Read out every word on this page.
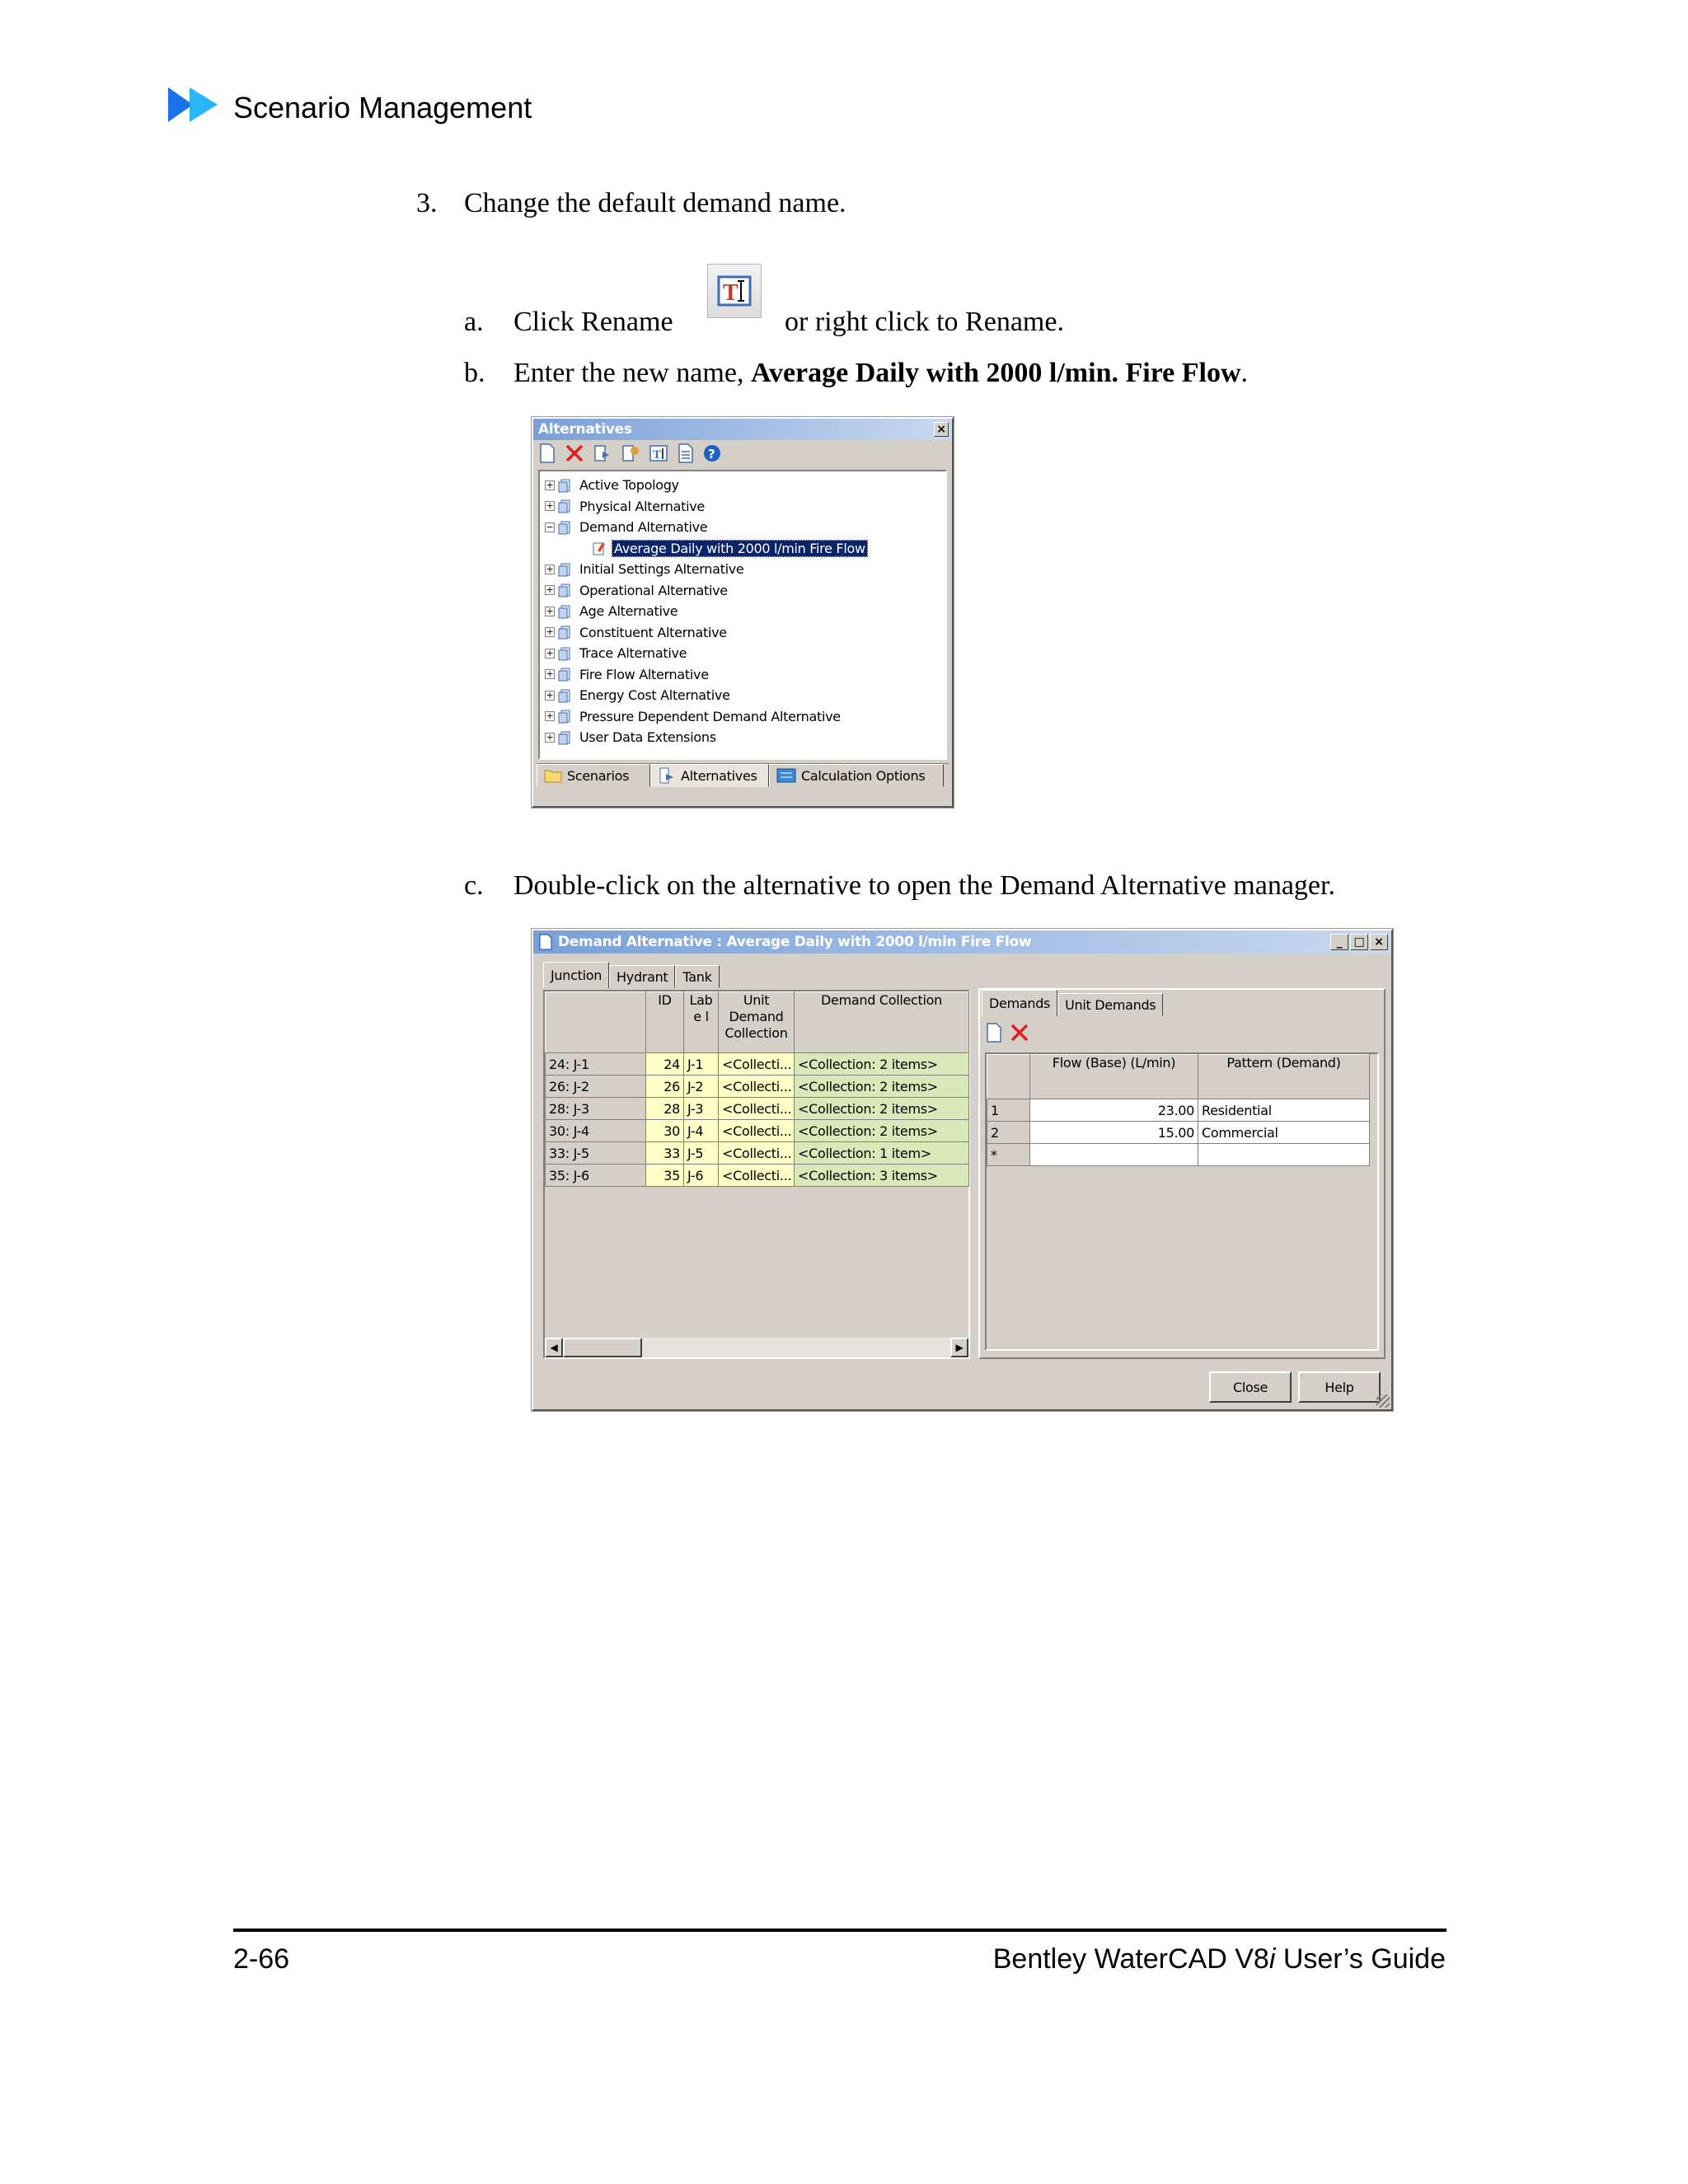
Scenario Management
3. Change the default demand name.
a. Click Rename
T
or right click to Rename.
b. Enter the new name, Average Daily with 2000 l/min. Fire Flow.
Alternatives	×
T	?
+ Active Topology
+ Physical Alternative
− Demand Alternative
Average Daily with 2000 l/min Fire Flow
+ Initial Settings Alternative
+ Operational Alternative
+ Age Alternative
+ Constituent Alternative
+ Trace Alternative
+ Fire Flow Alternative
+ Energy Cost Alternative
+ Pressure Dependent Demand Alternative
+ User Data Extensions
Scenarios	Alternatives	Calculation Options
c. Double-click on the alternative to open the Demand Alternative manager.
Demand Alternative : Average Daily with 2000 l/min Fire Flow	_	□ ×
Junction	Hydrant	Tank
	ID	Labe l	Unit Demand Collection	Demand Collection
24: J-1	24	J-1	<Collecti...	<Collection: 2 items>
26: J-2	26	J-2	<Collecti...	<Collection: 2 items>
28: J-3	28	J-3	<Collecti...	<Collection: 2 items>
30: J-4	30	J-4	<Collecti...	<Collection: 2 items>
33: J-5	33	J-5	<Collecti...	<Collection: 1 item>
35: J-6	35	J-6	<Collecti...	<Collection: 3 items>
◀	▶
Demands	Unit Demands
	Flow (Base) (L/min)	Pattern (Demand)
1	23.00	Residential
2	15.00	Commercial
*		
Close	Help
2-66	Bentley WaterCAD V8i User’s Guide
